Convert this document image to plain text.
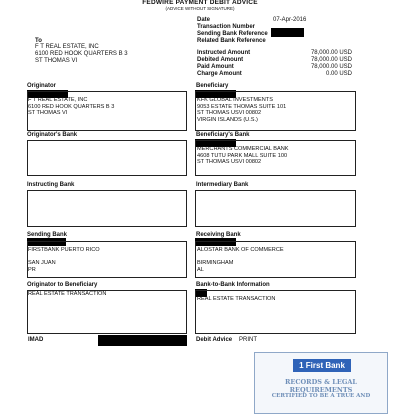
FEDWIRE PAYMENT DEBIT ADVICE
(ADVICE WITHOUT SIGNATURE)
Date	07-Apr-2016
Transaction Number
Sending Bank Reference
Related Bank Reference
To
F T REAL ESTATE, INC
6100 RED HOOK QUARTERS B 3
ST THOMAS VI
Instructed Amount	78,000.00 USD
Debited Amount	78,000.00 USD
Paid Amount	78,000.00 USD
Charge Amount	0.00 USD
Originator
F T REAL ESTATE, INC
6100 RED HOOK QUARTERS B 3
ST THOMAS VI
Beneficiary
KFK GLOBAL INVESTMENTS
9053 ESTATE THOMAS SUITE 101
ST THOMAS USVI 00802
VIRGIN ISLANDS (U.S.)
Originator's Bank	Beneficiary's Bank
MERCHANTS COMMERCIAL BANK
4608 TUTU PARK MALL SUITE 100
ST THOMAS USVI 00802
Instructing Bank	Intermediary Bank
Sending Bank
FIRSTBANK PUERTO RICO

SAN JUAN
PR
Receiving Bank
ALOSTAR BANK OF COMMERCE

BIRMINGHAM
AL
Originator to Beneficiary
REAL ESTATE TRANSACTION
Bank-to-Bank Information
REAL ESTATE TRANSACTION
IMAD	Debit Advice PRINT
1 First Bank
RECORDS & LEGAL REQUIREMENTS
CERTIFIED TO BE A TRUE AND
